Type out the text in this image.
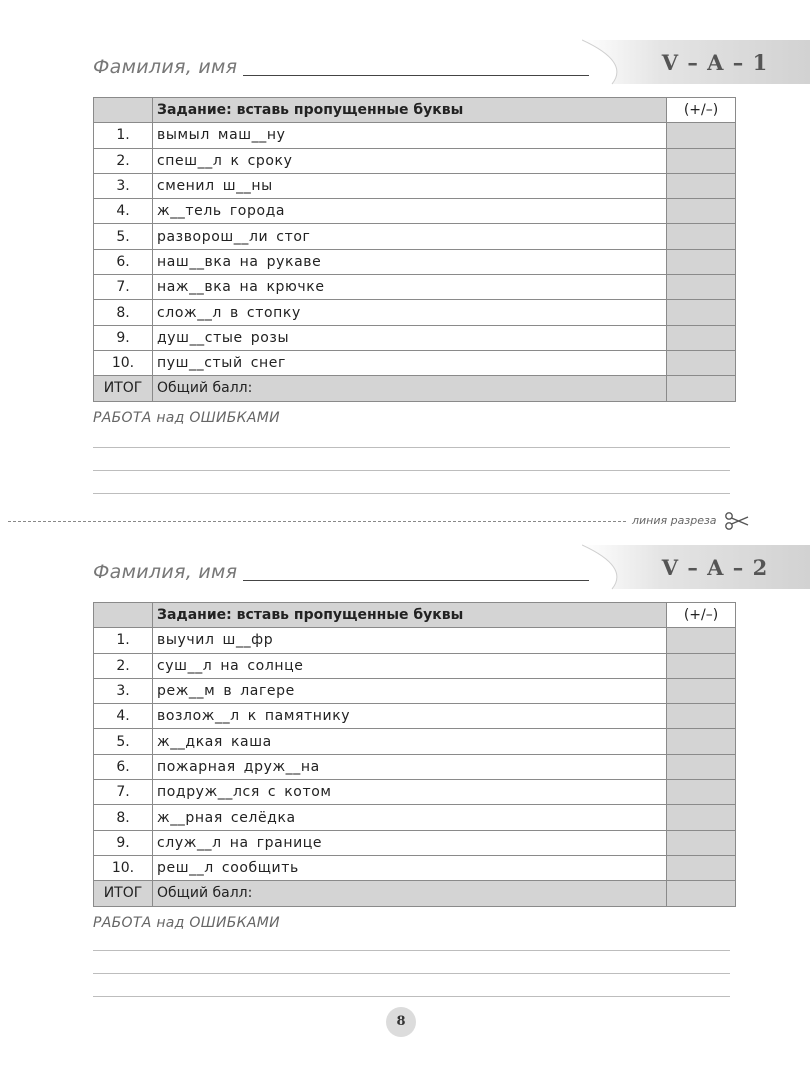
Фамилия, имя	V – A – 1
	Задание: вставь пропущенные буквы	(+/–)
1.	вымыл маш__ну	
2.	спеш__л к сроку	
3.	сменил ш__ны	
4.	ж__тель города	
5.	разворош__ли стог	
6.	наш__вка на рукаве	
7.	наж__вка на крючке	
8.	слож__л в стопку	
9.	душ__стые розы	
10.	пуш__стый снег	
ИТОГ	Общий балл:	
РАБОТА над ОШИБКАМИ
линия разреза
Фамилия, имя	V – A – 2
	Задание: вставь пропущенные буквы	(+/–)
1.	выучил ш__фр	
2.	суш__л на солнце	
3.	реж__м в лагере	
4.	возлож__л к памятнику	
5.	ж__дкая каша	
6.	пожарная друж__на	
7.	подруж__лся с котом	
8.	ж__рная селёдка	
9.	служ__л на границе	
10.	реш__л сообщить	
ИТОГ	Общий балл:	
РАБОТА над ОШИБКАМИ
8
